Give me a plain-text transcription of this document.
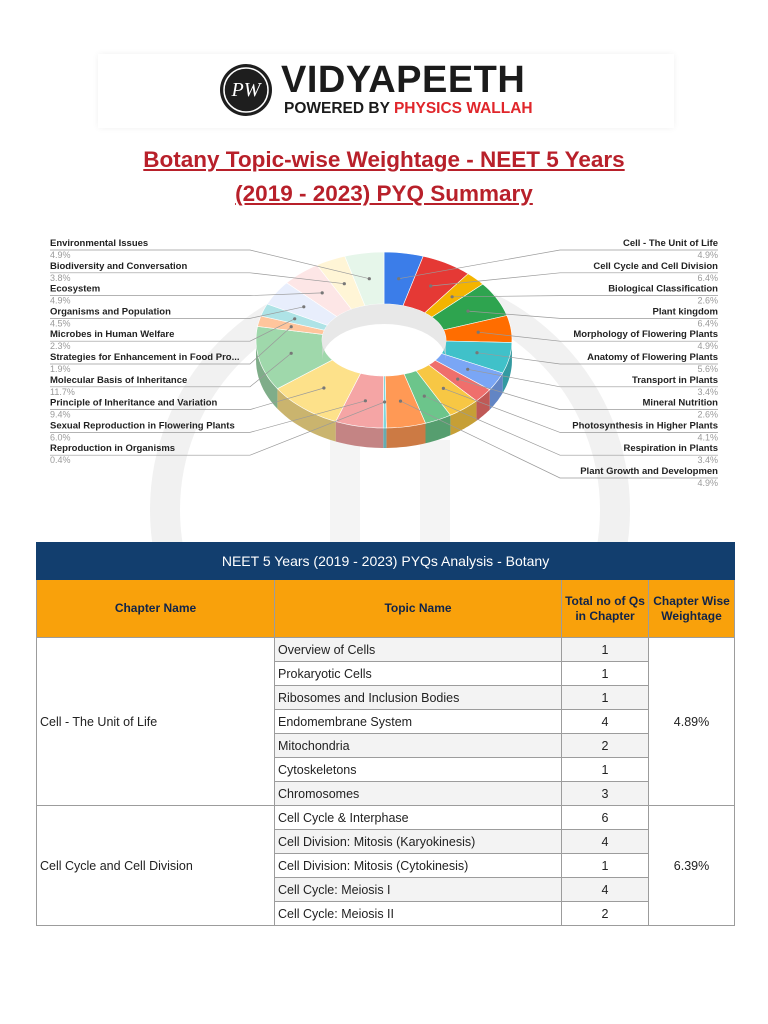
PW VIDYAPEETH
POWERED BY PHYSICS WALLAH
Botany Topic-wise Weightage - NEET 5 Years
(2019 - 2023) PYQ Summary
Cell - The Unit of Life
4.9%
Cell Cycle and Cell Division
6.4%
Biological Classification
2.6%
Plant kingdom
6.4%
Morphology of Flowering Plants
4.9%
Anatomy of Flowering Plants
5.6%
Transport in Plants
3.4%
Mineral Nutrition
2.6%
Photosynthesis in Higher Plants
4.1%
Respiration in Plants
3.4%
Plant Growth and Developmen
4.9%
Environmental Issues
4.9%
Biodiversity and Conversation
3.8%
Ecosystem
4.9%
Organisms and Population
4.5%
Microbes in Human Welfare
2.3%
Strategies for Enhancement in Food Pro...
1.9%
Molecular Basis of Inheritance
11.7%
Principle of Inheritance and Variation
9.4%
Sexual Reproduction in Flowering Plants
6.0%
Reproduction in Organisms
0.4%
NEET 5 Years (2019 - 2023) PYQs Analysis - Botany			
Chapter Name	Topic Name	Total no of Qs in Chapter	Chapter Wise Weightage
Cell - The Unit of Life	Overview of Cells	1	4.89%
	Prokaryotic Cells	1	
	Ribosomes and Inclusion Bodies	1	
	Endomembrane System	4	
	Mitochondria	2	
	Cytoskeletons	1	
	Chromosomes	3	
Cell Cycle and Cell Division	Cell Cycle & Interphase	6	6.39%
	Cell Division: Mitosis (Karyokinesis)	4	
	Cell Division: Mitosis (Cytokinesis)	1	
	Cell Cycle: Meiosis I	4	
	Cell Cycle: Meiosis II	2	
